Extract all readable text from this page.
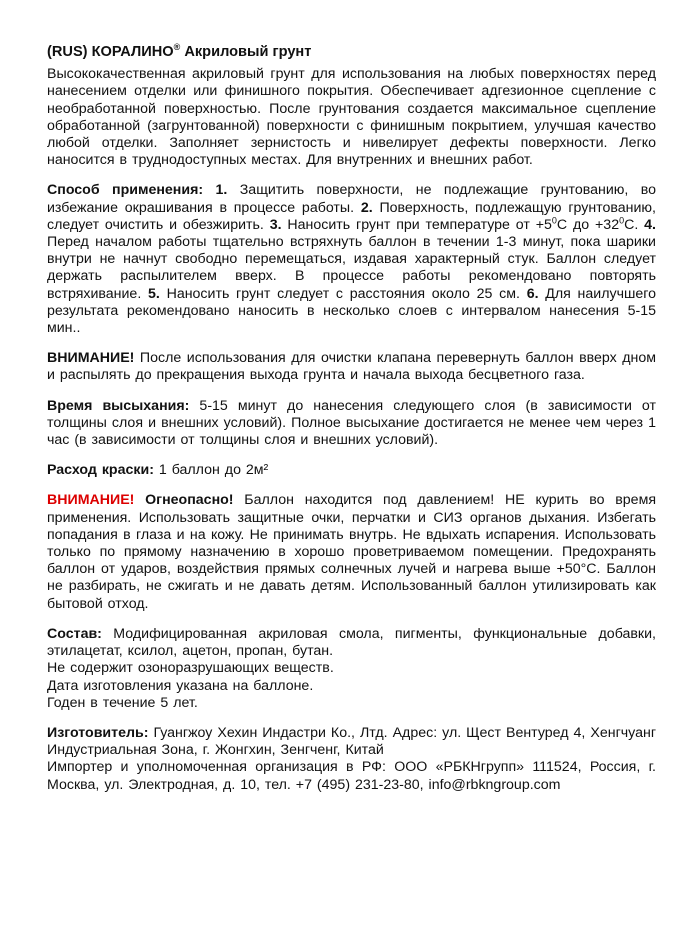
(RUS) КОРАЛИНО® Акриловый грунт

Высококачественная акриловый грунт для использования на любых поверхностях перед нанесением отделки или финишного покрытия. Обеспечивает адгезионное сцепление с необработанной поверхностью. После грунтования создается максимальное сцепление обработанной (загрунтованной) поверхности с финишным покрытием, улучшая качество любой отделки. Заполняет зернистость и нивелирует дефекты поверхности. Легко наносится в труднодоступных местах. Для внутренних и внешних работ.

Способ применения: 1. Защитить поверхности, не подлежащие грунтованию, во избежание окрашивания в процессе работы. 2. Поверхность, подлежащую грунтованию, следует очистить и обезжирить. 3. Наносить грунт при температуре от $+5^0С$ до $+32^0С$. 4. Перед началом работы тщательно встряхнуть баллон в течении 1-3 минут, пока шарики внутри не начнут свободно перемещаться, издавая характерный стук. Баллон следует держать распылителем вверх. В процессе работы рекомендовано повторять встряхивание. 5. Наносить грунт следует с расстояния около 25 см. 6. Для наилучшего результата рекомендовано наносить в несколько слоев с интервалом нанесения 5-15 мин..

ВНИМАНИЕ! После использования для очистки клапана перевернуть баллон вверх дном и распылять до прекращения выхода грунта и начала выхода бесцветного газа.

Время высыхания: 5-15 минут до нанесения следующего слоя (в зависимости от толщины слоя и внешних условий). Полное высыхание достигается не менее чем через 1 час (в зависимости от толщины слоя и внешних условий).

Расход краски: 1 баллон до 2м²

ВНИМАНИЕ! Огнеопасно! Баллон находится под давлением! НЕ курить во время применения. Использовать защитные очки, перчатки и СИЗ органов дыхания. Избегать попадания в глаза и на кожу. Не принимать внутрь. Не вдыхать испарения. Использовать только по прямому назначению в хорошо проветриваемом помещении. Предохранять баллон от ударов, воздействия прямых солнечных лучей и нагрева выше +50°С. Баллон не разбирать, не сжигать и не давать детям. Использованный баллон утилизировать как бытовой отход.

Состав: Модифицированная акриловая смола, пигменты, функциональные добавки, этилацетат, ксилол, ацетон, пропан, бутан.
Не содержит озоноразрушающих веществ.
Дата изготовления указана на баллоне.
Годен в течение 5 лет.

Изготовитель: Гуангжоу Хехин Индастри Ко., Лтд. Адрес: ул. Щест Вентуред 4, Хенгчуанг Индустриальная Зона, г. Жонгхин, Зенгченг, Китай
Импортер и уполномоченная организация в РФ: ООО «РБКНгрупп» 111524, Россия, г. Москва, ул. Электродная, д. 10, тел. +7 (495) 231-23-80, info@rbkngroup.com
